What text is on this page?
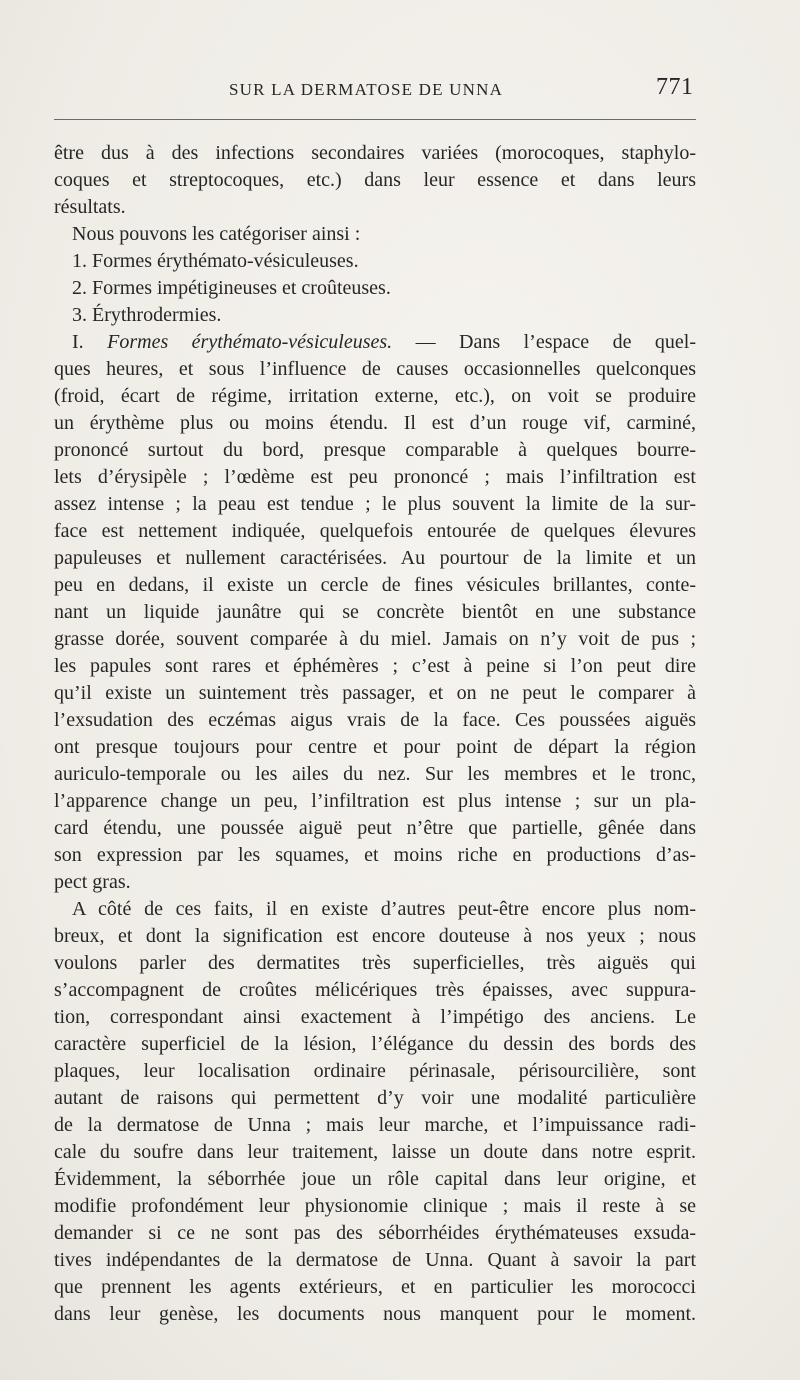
SUR LA DERMATOSE DE UNNA	771
être dus à des infections secondaires variées (morocoques, staphylo-
coques et streptocoques, etc.) dans leur essence et dans leurs
résultats.
Nous pouvons les catégoriser ainsi :
1. Formes érythémato-vésiculeuses.
2. Formes impétigineuses et croûteuses.
3. Érythrodermies.
I. Formes érythémato-vésiculeuses. — Dans l’espace de quel-
ques heures, et sous l’influence de causes occasionnelles quelconques
(froid, écart de régime, irritation externe, etc.), on voit se produire
un érythème plus ou moins étendu. Il est d’un rouge vif, carminé,
prononcé surtout du bord, presque comparable à quelques bourre-
lets d’érysipèle ; l’œdème est peu prononcé ; mais l’infiltration est
assez intense ; la peau est tendue ; le plus souvent la limite de la sur-
face est nettement indiquée, quelquefois entourée de quelques élevures
papuleuses et nullement caractérisées. Au pourtour de la limite et un
peu en dedans, il existe un cercle de fines vésicules brillantes, conte-
nant un liquide jaunâtre qui se concrète bientôt en une substance
grasse dorée, souvent comparée à du miel. Jamais on n’y voit de pus ;
les papules sont rares et éphémères ; c’est à peine si l’on peut dire
qu’il existe un suintement très passager, et on ne peut le comparer à
l’exsudation des eczémas aigus vrais de la face. Ces poussées aiguës
ont presque toujours pour centre et pour point de départ la région
auriculo-temporale ou les ailes du nez. Sur les membres et le tronc,
l’apparence change un peu, l’infiltration est plus intense ; sur un pla-
card étendu, une poussée aiguë peut n’être que partielle, gênée dans
son expression par les squames, et moins riche en productions d’as-
pect gras.
A côté de ces faits, il en existe d’autres peut-être encore plus nom-
breux, et dont la signification est encore douteuse à nos yeux ; nous
voulons parler des dermatites très superficielles, très aiguës qui
s’accompagnent de croûtes mélicériques très épaisses, avec suppura-
tion, correspondant ainsi exactement à l’impétigo des anciens. Le
caractère superficiel de la lésion, l’élégance du dessin des bords des
plaques, leur localisation ordinaire périnasale, périsourcilière, sont
autant de raisons qui permettent d’y voir une modalité particulière
de la dermatose de Unna ; mais leur marche, et l’impuissance radi-
cale du soufre dans leur traitement, laisse un doute dans notre esprit.
Évidemment, la séborrhée joue un rôle capital dans leur origine, et
modifie profondément leur physionomie clinique ; mais il reste à se
demander si ce ne sont pas des séborrhéides érythémateuses exsuda-
tives indépendantes de la dermatose de Unna. Quant à savoir la part
que prennent les agents extérieurs, et en particulier les morococci
dans leur genèse, les documents nous manquent pour le moment.
